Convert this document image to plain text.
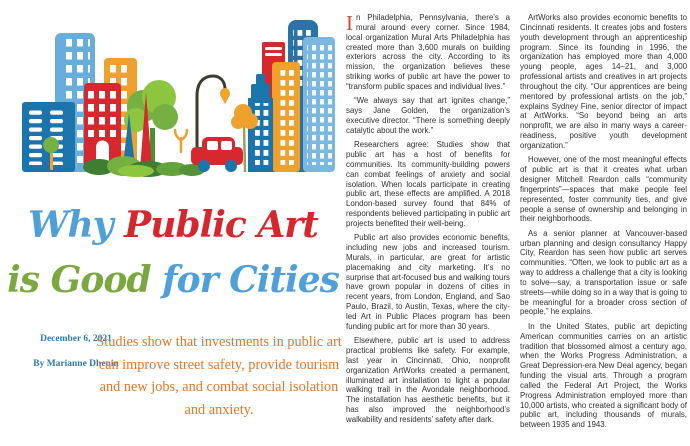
Why Public Art
is Good for Cities
December 6, 2021
By Marianne Dhenin
Studies show that investments in public art can improve street safety, provide tourism and new jobs, and combat social isolation and anxiety.

In Philadelphia, Pennsylvania, there’s a mural around every corner. Since 1984, local organization Mural Arts Philadelphia has created more than 3,600 murals on building exteriors across the city. According to its mission, the organization believes these striking works of public art have the power to “transform public spaces and individual lives.”

“We always say that art ignites change,” says Jane Golden, the organization’s executive director. “There is something deeply catalytic about the work.”

Researchers agree: Studies show that public art has a host of benefits for communities. Its community-building powers can combat feelings of anxiety and social isolation. When locals participate in creating public art, these effects are amplified. A 2018 London-based survey found that 84% of respondents believed participating in public art projects benefited their well-being.

Public art also provides economic benefits, including new jobs and increased tourism. Murals, in particular, are great for artistic placemaking and city marketing. It’s no surprise that art-focused bus and walking tours have grown popular in dozens of cities in recent years, from London, England, and Sao Paulo, Brazil, to Austin, Texas, where the city-led Art in Public Places program has been funding public art for more than 30 years.

Elsewhere, public art is used to address practical problems like safety. For example, last year in Cincinnati, Ohio, nonprofit organization ArtWorks created a permanent, illuminated art installation to light a popular walking trail in the Avondale neighborhood. The installation has aesthetic benefits, but it has also improved the neighborhood’s walkability and residents’ safety after dark.

ArtWorks also provides economic benefits to Cincinnati residents. It creates jobs and fosters youth development through an apprenticeship program. Since its founding in 1996, the organization has employed more than 4,000 young people, ages 14–21, and 3,000 professional artists and creatives in art projects throughout the city. “Our apprentices are being mentored by professional artists on the job,” explains Sydney Fine, senior director of impact at ArtWorks. “So beyond being an arts nonprofit, we are also in many ways a career-readiness, positive youth development organization.”

However, one of the most meaningful effects of public art is that it creates what urban designer Mitchell Reardon calls “community fingerprints”—spaces that make people feel represented, foster community ties, and give people a sense of ownership and belonging in their neighborhoods.

As a senior planner at Vancouver-based urban planning and design consultancy Happy City, Reardon has seen how public art serves communities. “Often, we look to public art as a way to address a challenge that a city is looking to solve—say, a transportation issue or safe streets—while doing so in a way that is going to be meaningful for a broader cross section of people,” he explains.

In the United States, public art depicting American communities carries on an artistic tradition that blossomed almost a century ago, when the Works Progress Administration, a Great Depression-era New Deal agency, began funding the visual arts. Through a program called the Federal Art Project, the Works Progress Administration employed more than 10,000 artists, who created a significant body of public art, including thousands of murals, between 1935 and 1943.
